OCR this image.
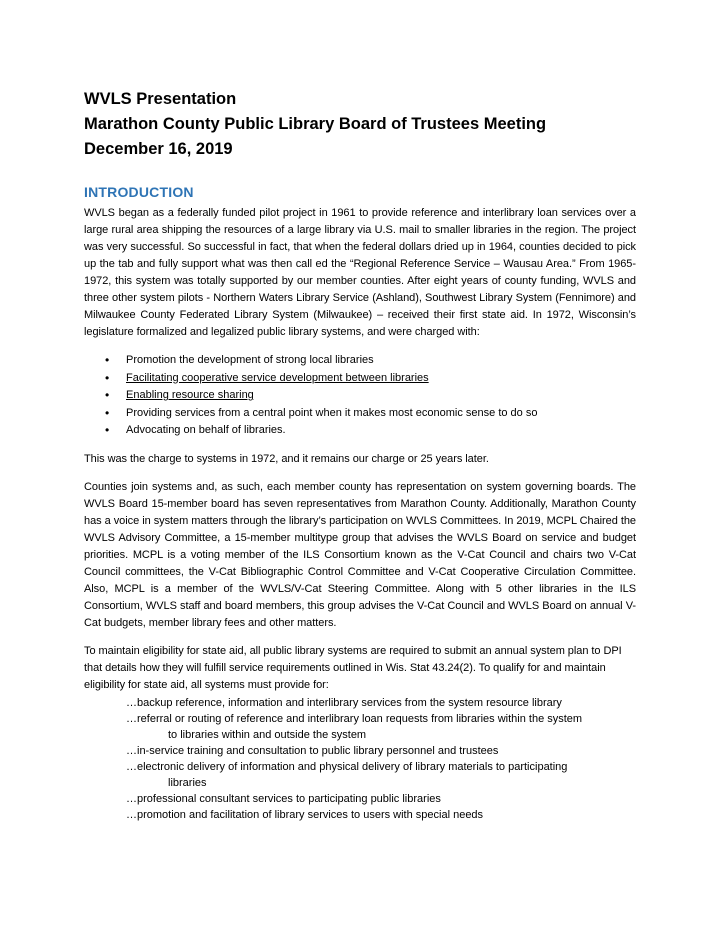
WVLS Presentation

Marathon County Public Library Board of Trustees Meeting

December 16, 2019

INTRODUCTION

WVLS began as a federally funded pilot project in 1961 to provide reference and interlibrary loan services over a large rural area shipping the resources of a large library via U.S. mail to smaller libraries in the region. The project was very successful. So successful in fact, that when the federal dollars dried up in 1964, counties decided to pick up the tab and fully support what was then call ed the “Regional Reference Service – Wausau Area.” From 1965-1972, this system was totally supported by our member counties. After eight years of county funding, WVLS and three other system pilots - Northern Waters Library Service (Ashland), Southwest Library System (Fennimore) and Milwaukee County Federated Library System (Milwaukee) – received their first state aid. In 1972, Wisconsin’s legislature formalized and legalized public library systems, and were charged with:

• Promotion the development of strong local libraries
• Facilitating cooperative service development between libraries
• Enabling resource sharing
• Providing services from a central point when it makes most economic sense to do so
• Advocating on behalf of libraries.

This was the charge to systems in 1972, and it remains our charge or 25 years later.

Counties join systems and, as such, each member county has representation on system governing boards. The WVLS Board 15-member board has seven representatives from Marathon County. Additionally, Marathon County has a voice in system matters through the library’s participation on WVLS Committees. In 2019, MCPL Chaired the WVLS Advisory Committee, a 15-member multitype group that advises the WVLS Board on service and budget priorities. MCPL is a voting member of the ILS Consortium known as the V-Cat Council and chairs two V-Cat Council committees, the V-Cat Bibliographic Control Committee and V-Cat Cooperative Circulation Committee. Also, MCPL is a member of the WVLS/V-Cat Steering Committee. Along with 5 other libraries in the ILS Consortium, WVLS staff and board members, this group advises the V-Cat Council and WVLS Board on annual V-Cat budgets, member library fees and other matters.

To maintain eligibility for state aid, all public library systems are required to submit an annual system plan to DPI that details how they will fulfill service requirements outlined in Wis. Stat 43.24(2). To qualify for and maintain eligibility for state aid, all systems must provide for:

…backup reference, information and interlibrary services from the system resource library
…referral or routing of reference and interlibrary loan requests from libraries within the system
to libraries within and outside the system
…in-service training and consultation to public library personnel and trustees
…electronic delivery of information and physical delivery of library materials to participating
libraries
…professional consultant services to participating public libraries
…promotion and facilitation of library services to users with special needs
